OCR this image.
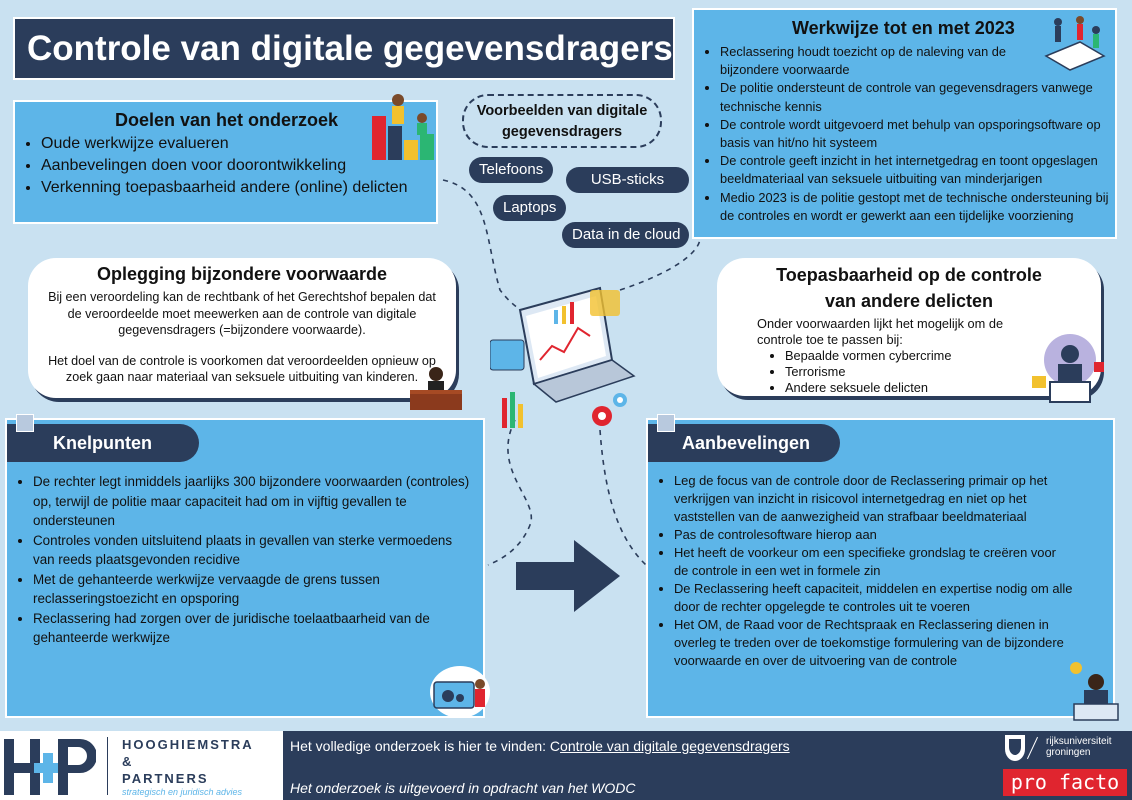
Controle van digitale gegevensdragers
Doelen van het onderzoek
• Oude werkwijze evalueren
• Aanbevelingen doen voor doorontwikkeling
• Verkenning toepasbaarheid andere (online) delicten
Voorbeelden van digitale gegevensdragers
Telefoons
USB-sticks
Laptops
Data in de cloud
Werkwijze tot en met 2023
• Reclassering houdt toezicht op de naleving van de bijzondere voorwaarde
• De politie ondersteunt de controle van gegevensdragers vanwege technische kennis
• De controle wordt uitgevoerd met behulp van opsporingsoftware op basis van hit/no hit systeem
• De controle geeft inzicht in het internetgedrag en toont opgeslagen beeldmateriaal van seksuele uitbuiting van minderjarigen
• Medio 2023 is de politie gestopt met de technische ondersteuning bij de controles en wordt er gewerkt aan een tijdelijke voorziening
Oplegging bijzondere voorwaarde

Bij een veroordeling kan de rechtbank of het Gerechtshof bepalen dat de veroordeelde moet meewerken aan de controle van digitale gegevensdragers (=bijzondere voorwaarde).

Het doel van de controle is voorkomen dat veroordeelden opnieuw op zoek gaan naar materiaal van seksuele uitbuiting van kinderen.

Toepasbaarheid op de controle
van andere delicten

Onder voorwaarden lijkt het mogelijk om de controle toe te passen bij:

• Bepaalde vormen cybercrime
• Terrorisme
• Andere seksuele delicten
Knelpunten
• De rechter legt inmiddels jaarlijks 300 bijzondere voorwaarden (controles) op, terwijl de politie maar capaciteit had om in vijftig gevallen te ondersteunen
• Controles vonden uitsluitend plaats in gevallen van sterke vermoedens van reeds plaatsgevonden recidive
• Met de gehanteerde werkwijze vervaagde de grens tussen reclasseringstoezicht en opsporing
• Reclassering had zorgen over de juridische toelaatbaarheid van de gehanteerde werkwijze
Aanbevelingen
• Leg de focus van de controle door de Reclassering primair op het verkrijgen van inzicht in risicovol internetgedrag en niet op het vaststellen van de aanwezigheid van strafbaar beeldmateriaal
• Pas de controlesoftware hierop aan
• Het heeft de voorkeur om een specifieke grondslag te creëren voor de controle in een wet in formele zin
• De Reclassering heeft capaciteit, middelen en expertise nodig om alle door de rechter opgelegde te controles uit te voeren
• Het OM, de Raad voor de Rechtspraak en Reclassering dienen in overleg te treden over de toekomstige formulering van de bijzondere voorwaarde en over de uitvoering van de controle
HOOGHIEMSTRA
&
PARTNERS
strategisch en juridisch advies
Het volledige onderzoek is hier te vinden: Controle van digitale gegevensdragers
Het onderzoek is uitgevoerd in opdracht van het WODC
rijksuniversiteit
groningen
pro facto
